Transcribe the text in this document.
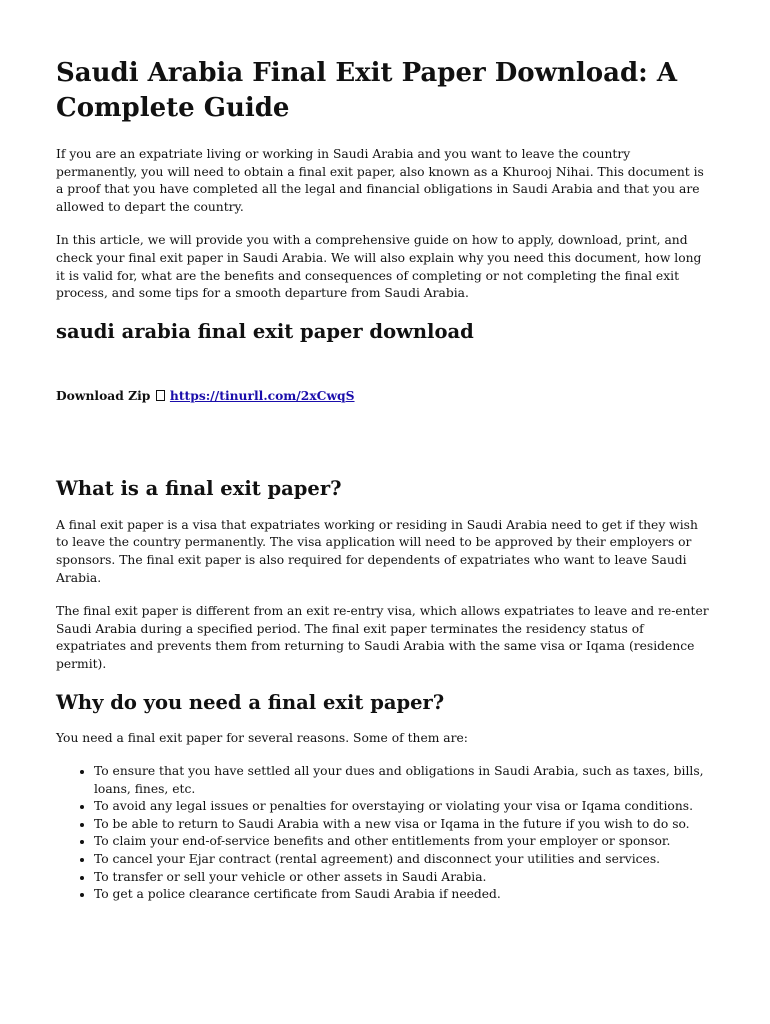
Saudi Arabia Final Exit Paper Download: A Complete Guide

If you are an expatriate living or working in Saudi Arabia and you want to leave the country permanently, you will need to obtain a final exit paper, also known as a Khurooj Nihai. This document is a proof that you have completed all the legal and financial obligations in Saudi Arabia and that you are allowed to depart the country.

In this article, we will provide you with a comprehensive guide on how to apply, download, print, and check your final exit paper in Saudi Arabia. We will also explain why you need this document, how long it is valid for, what are the benefits and consequences of completing or not completing the final exit process, and some tips for a smooth departure from Saudi Arabia.

saudi arabia final exit paper download
Download Zip https://tinurll.com/2xCwqS
What is a final exit paper?

A final exit paper is a visa that expatriates working or residing in Saudi Arabia need to get if they wish to leave the country permanently. The visa application will need to be approved by their employers or sponsors. The final exit paper is also required for dependents of expatriates who want to leave Saudi Arabia.

The final exit paper is different from an exit re-entry visa, which allows expatriates to leave and re-enter Saudi Arabia during a specified period. The final exit paper terminates the residency status of expatriates and prevents them from returning to Saudi Arabia with the same visa or Iqama (residence permit).

Why do you need a final exit paper?

You need a final exit paper for several reasons. Some of them are:

• To ensure that you have settled all your dues and obligations in Saudi Arabia, such as taxes, bills, loans, fines, etc.
• To avoid any legal issues or penalties for overstaying or violating your visa or Iqama conditions.
• To be able to return to Saudi Arabia with a new visa or Iqama in the future if you wish to do so.
• To claim your end-of-service benefits and other entitlements from your employer or sponsor.
• To cancel your Ejar contract (rental agreement) and disconnect your utilities and services.
• To transfer or sell your vehicle or other assets in Saudi Arabia.
• To get a police clearance certificate from Saudi Arabia if needed.
